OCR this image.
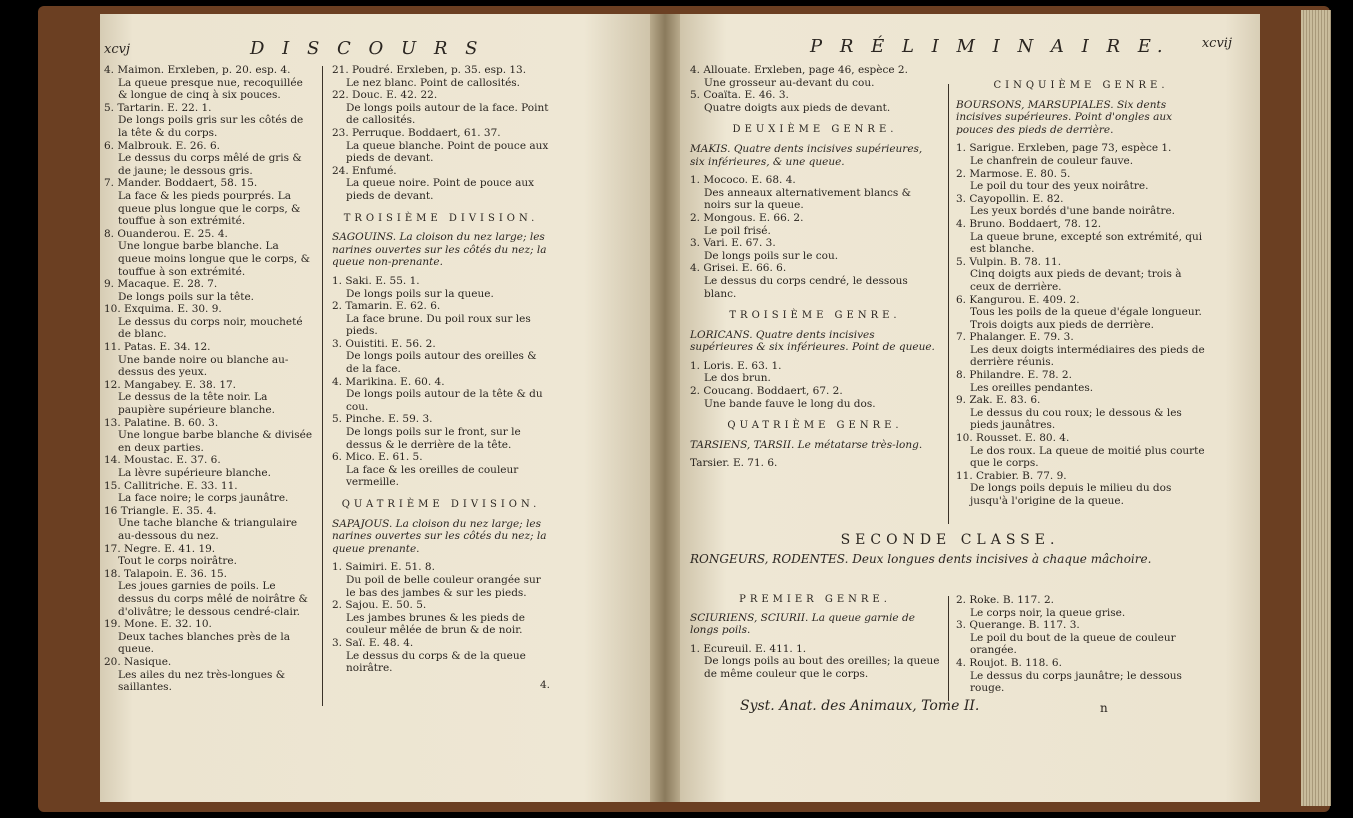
xcvj	D I S C O U R S

4. Maimon. Erxleben, p. 20. esp. 4.

La queue presque nue, recoquillée & longue de cinq à six pouces.

5. Tartarin. E. 22. 1.

De longs poils gris sur les côtés de la tête & du corps.

6. Malbrouk. E. 26. 6.

Le dessus du corps mêlé de gris & de jaune; le dessous gris.

7. Mander. Boddaert, 58. 15.

La face & les pieds pourprés. La queue plus longue que le corps, & touffue à son extrémité.

8. Ouanderou. E. 25. 4.

Une longue barbe blanche. La queue moins longue que le corps, & touffue à son extrémité.

9. Macaque. E. 28. 7.

De longs poils sur la tête.

10. Exquima. E. 30. 9.

Le dessus du corps noir, moucheté de blanc.

11. Patas. E. 34. 12.

Une bande noire ou blanche au-dessus des yeux.

12. Mangabey. E. 38. 17.

Le dessus de la tête noir. La paupière supérieure blanche.

13. Palatine. B. 60. 3.

Une longue barbe blanche & divisée en deux parties.

14. Moustac. E. 37. 6.

La lèvre supérieure blanche.

15. Callitriche. E. 33. 11.

La face noire; le corps jaunâtre.

16 Triangle. E. 35. 4.

Une tache blanche & triangulaire au-dessous du nez.

17. Negre. E. 41. 19.

Tout le corps noirâtre.

18. Talapoin. E. 36. 15.

Les joues garnies de poils. Le dessus du corps mêlé de noirâtre & d'olivâtre; le dessous cendré-clair.

19. Mone. E. 32. 10.

Deux taches blanches près de la queue.

20. Nasique.

Les ailes du nez très-longues & saillantes.

21. Poudré. Erxleben, p. 35. esp. 13.

Le nez blanc. Point de callosités.

22. Douc. E. 42. 22.

De longs poils autour de la face. Point de callosités.

23. Perruque. Boddaert, 61. 37.

La queue blanche. Point de pouce aux pieds de devant.

24. Enfumé.

La queue noire. Point de pouce aux pieds de devant.

TROISIÈME DIVISION.

SAGOUINS. La cloison du nez large; les narines ouvertes sur les côtés du nez; la queue non-prenante.

1. Saki. E. 55. 1.

De longs poils sur la queue.

2. Tamarin. E. 62. 6.

La face brune. Du poil roux sur les pieds.

3. Ouistiti. E. 56. 2.

De longs poils autour des oreilles & de la face.

4. Marikina. E. 60. 4.

De longs poils autour de la tête & du cou.

5. Pinche. E. 59. 3.

De longs poils sur le front, sur le dessus & le derrière de la tête.

6. Mico. E. 61. 5.

La face & les oreilles de couleur vermeille.

QUATRIÈME DIVISION.

SAPAJOUS. La cloison du nez large; les narines ouvertes sur les côtés du nez; la queue prenante.

1. Saimiri. E. 51. 8.

Du poil de belle couleur orangée sur le bas des jambes & sur les pieds.

2. Sajou. E. 50. 5.

Les jambes brunes & les pieds de couleur mêlée de brun & de noir.

3. Saï. E. 48. 4.

Le dessus du corps & de la queue noirâtre.

4.

P R É L I M I N A I R E.	xcvij

4. Allouate. Erxleben, page 46, espèce 2.

Une grosseur au-devant du cou.

5. Coaïta. E. 46. 3.

Quatre doigts aux pieds de devant.

DEUXIÈME GENRE.

MAKIS. Quatre dents incisives supérieures, six inférieures, & une queue.

1. Mococo. E. 68. 4.

Des anneaux alternativement blancs & noirs sur la queue.

2. Mongous. E. 66. 2.

Le poil frisé.

3. Vari. E. 67. 3.

De longs poils sur le cou.

4. Grisei. E. 66. 6.

Le dessus du corps cendré, le dessous blanc.

TROISIÈME GENRE.

LORICANS. Quatre dents incisives supérieures & six inférieures. Point de queue.

1. Loris. E. 63. 1.

Le dos brun.

2. Coucang. Boddaert, 67. 2.

Une bande fauve le long du dos.

QUATRIÈME GENRE.

TARSIENS, TARSII. Le métatarse très-long.

Tarsier. E. 71. 6.

CINQUIÈME GENRE.

BOURSONS, MARSUPIALES. Six dents incisives supérieures. Point d'ongles aux pouces des pieds de derrière.

1. Sarigue. Erxleben, page 73, espèce 1.

Le chanfrein de couleur fauve.

2. Marmose. E. 80. 5.

Le poil du tour des yeux noirâtre.

3. Cayopollin. E. 82.

Les yeux bordés d'une bande noirâtre.

4. Bruno. Boddaert, 78. 12.

La queue brune, excepté son extrémité, qui est blanche.

5. Vulpin. B. 78. 11.

Cinq doigts aux pieds de devant; trois à ceux de derrière.

6. Kangurou. E. 409. 2.

Tous les poils de la queue d'égale longueur. Trois doigts aux pieds de derrière.

7. Phalanger. E. 79. 3.

Les deux doigts intermédiaires des pieds de derrière réunis.

8. Philandre. E. 78. 2.

Les oreilles pendantes.

9. Zak. E. 83. 6.

Le dessus du cou roux; le dessous & les pieds jaunâtres.

10. Rousset. E. 80. 4.

Le dos roux. La queue de moitié plus courte que le corps.

11. Crabier. B. 77. 9.

De longs poils depuis le milieu du dos jusqu'à l'origine de la queue.

SECONDE CLASSE.

RONGEURS, RODENTES. Deux longues dents incisives à chaque mâchoire.

PREMIER GENRE.

SCIURIENS, SCIURII. La queue garnie de longs poils.

1. Ecureuil. E. 411. 1.

De longs poils au bout des oreilles; la queue de même couleur que le corps.

2. Roke. B. 117. 2.

Le corps noir, la queue grise.

3. Querange. B. 117. 3.

Le poil du bout de la queue de couleur orangée.

4. Roujot. B. 118. 6.

Le dessus du corps jaunâtre; le dessous rouge.

Syst. Anat. des Animaux, Tome II.	n
